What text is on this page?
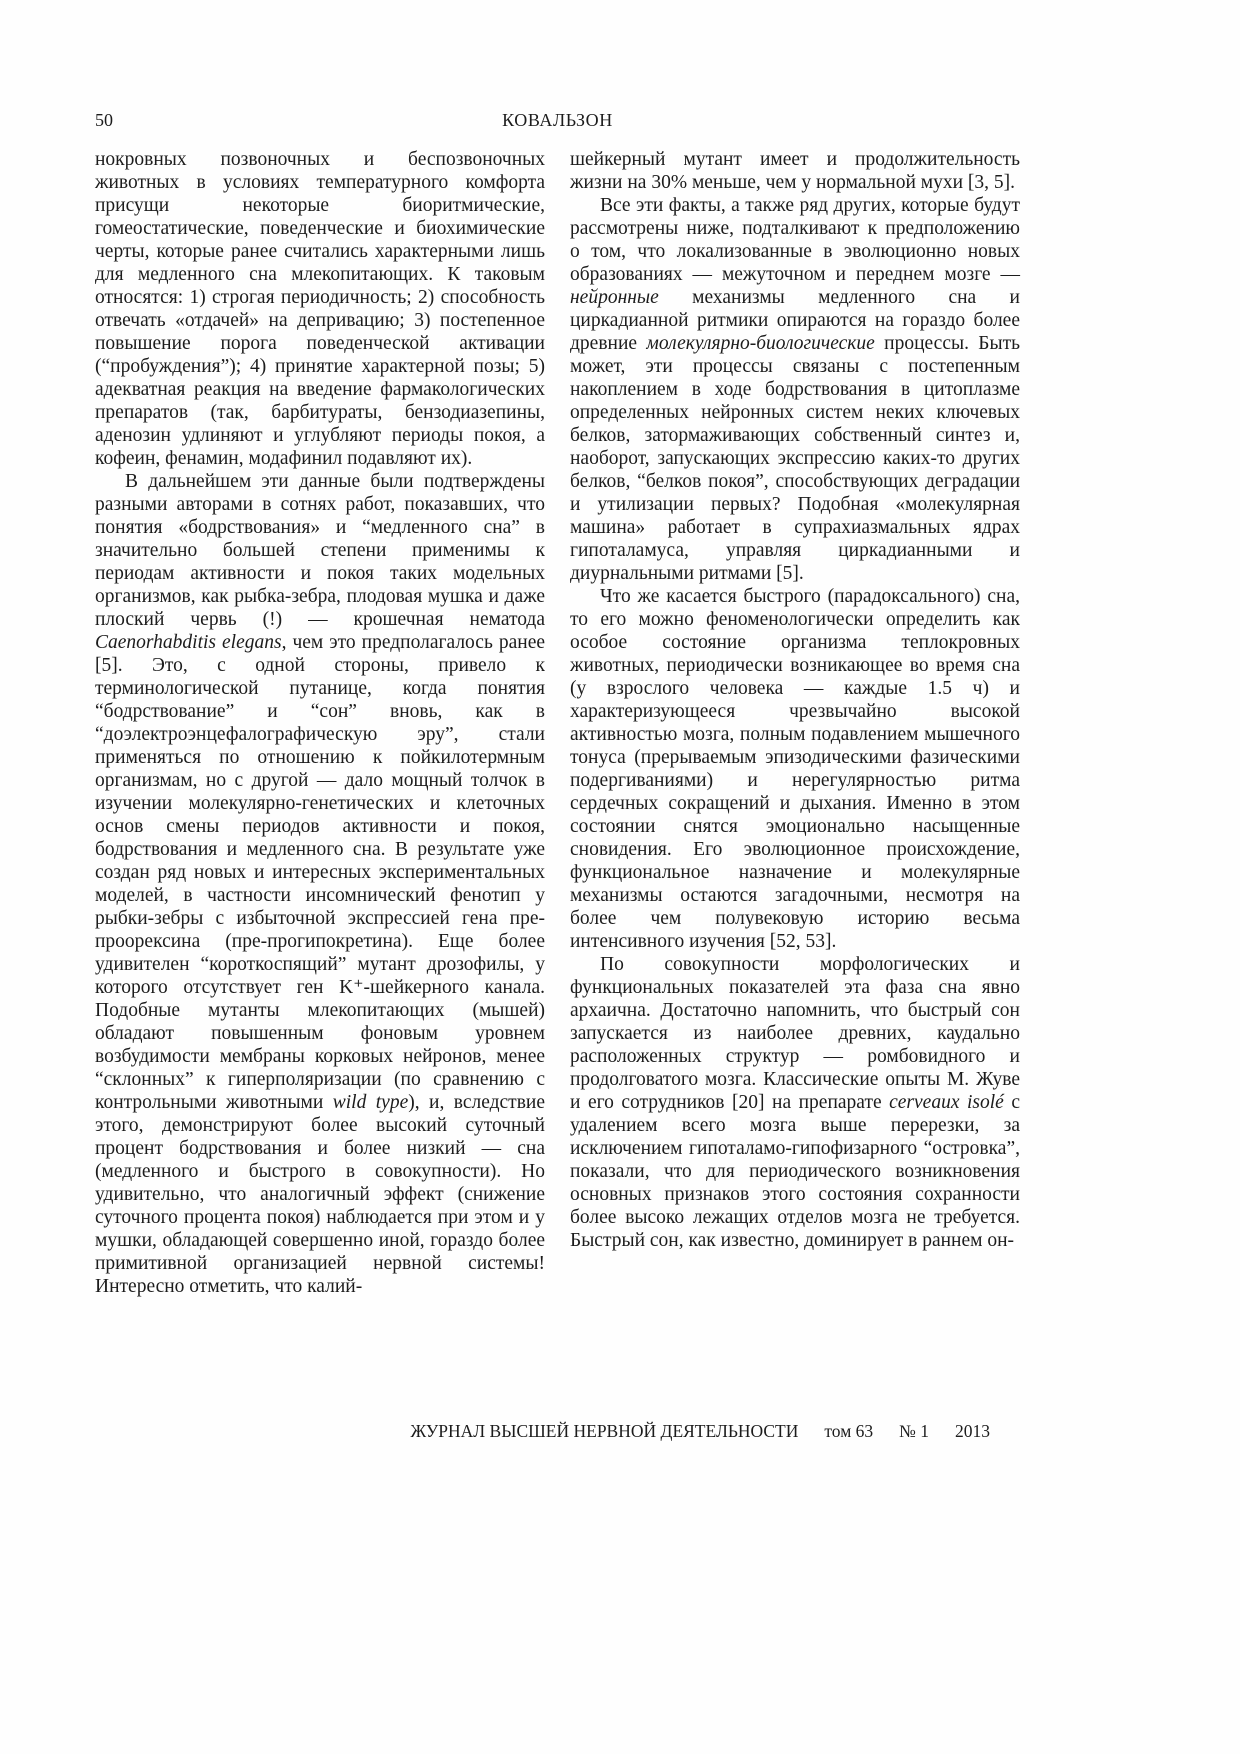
50	КОВАЛЬЗОН

нокровных позвоночных и беспозвоночных животных в условиях температурного комфорта присущи некоторые биоритмические, гомеостатические, поведенческие и биохимические черты, которые ранее считались характерными лишь для медленного сна млекопитающих. К таковым относятся: 1) строгая периодичность; 2) способность отвечать «отдачей» на депривацию; 3) постепенное повышение порога поведенческой активации (“пробуждения”); 4) принятие характерной позы; 5) адекватная реакция на введение фармакологических препаратов (так, барбитураты, бензодиазепины, аденозин удлиняют и углубляют периоды покоя, а кофеин, фенамин, модафинил подавляют их).

В дальнейшем эти данные были подтверждены разными авторами в сотнях работ, показавших, что понятия «бодрствования» и “медленного сна” в значительно большей степени применимы к периодам активности и покоя таких модельных организмов, как рыбка-зебра, плодовая мушка и даже плоский червь (!) — крошечная нематода Caenorhabditis elegans, чем это предполагалось ранее [5]. Это, с одной стороны, привело к терминологической путанице, когда понятия “бодрствование” и “сон” вновь, как в “доэлектроэнцефалографическую эру”, стали применяться по отношению к пойкилотермным организмам, но с другой — дало мощный толчок в изучении молекулярно-генетических и клеточных основ смены периодов активности и покоя, бодрствования и медленного сна. В результате уже создан ряд новых и интересных экспериментальных моделей, в частности инсомнический фенотип у рыбки-зебры с избыточной экспрессией гена пре-проорексина (пре-прогипокретина). Еще более удивителен “короткоспящий” мутант дрозофилы, у которого отсутствует ген K⁺-шейкерного канала. Подобные мутанты млекопитающих (мышей) обладают повышенным фоновым уровнем возбудимости мембраны корковых нейронов, менее “склонных” к гиперполяризации (по сравнению с контрольными животными wild type), и, вследствие этого, демонстрируют более высокий суточный процент бодрствования и более низкий — сна (медленного и быстрого в совокупности). Но удивительно, что аналогичный эффект (снижение суточного процента покоя) наблюдается при этом и у мушки, обладающей совершенно иной, гораздо более примитивной организацией нервной системы! Интересно отметить, что калий-

шейкерный мутант имеет и продолжительность жизни на 30% меньше, чем у нормальной мухи [3, 5].

Все эти факты, а также ряд других, которые будут рассмотрены ниже, подталкивают к предположению о том, что локализованные в эволюционно новых образованиях — межуточном и переднем мозге — нейронные механизмы медленного сна и циркадианной ритмики опираются на гораздо более древние молекулярно-биологические процессы. Быть может, эти процессы связаны с постепенным накоплением в ходе бодрствования в цитоплазме определенных нейронных систем неких ключевых белков, затормаживающих собственный синтез и, наоборот, запускающих экспрессию каких-то других белков, “белков покоя”, способствующих деградации и утилизации первых? Подобная «молекулярная машина» работает в супрахиазмальных ядрах гипоталамуса, управляя циркадианными и диурнальными ритмами [5].

Что же касается быстрого (парадоксального) сна, то его можно феноменологически определить как особое состояние организма теплокровных животных, периодически возникающее во время сна (у взрослого человека — каждые 1.5 ч) и характеризующееся чрезвычайно высокой активностью мозга, полным подавлением мышечного тонуса (прерываемым эпизодическими фазическими подергиваниями) и нерегулярностью ритма сердечных сокращений и дыхания. Именно в этом состоянии снятся эмоционально насыщенные сновидения. Его эволюционное происхождение, функциональное назначение и молекулярные механизмы остаются загадочными, несмотря на более чем полувековую историю весьма интенсивного изучения [52, 53].

По совокупности морфологических и функциональных показателей эта фаза сна явно архаична. Достаточно напомнить, что быстрый сон запускается из наиболее древних, каудально расположенных структур — ромбовидного и продолговатого мозга. Классические опыты М. Жуве и его сотрудников [20] на препарате cerveaux isolé с удалением всего мозга выше перерезки, за исключением гипоталамо-гипофизарного “островка”, показали, что для периодического возникновения основных признаков этого состояния сохранности более высоко лежащих отделов мозга не требуется. Быстрый сон, как известно, доминирует в раннем он-

ЖУРНАЛ ВЫСШЕЙ НЕРВНОЙ ДЕЯТЕЛЬНОСТИ том 63 № 1 2013
